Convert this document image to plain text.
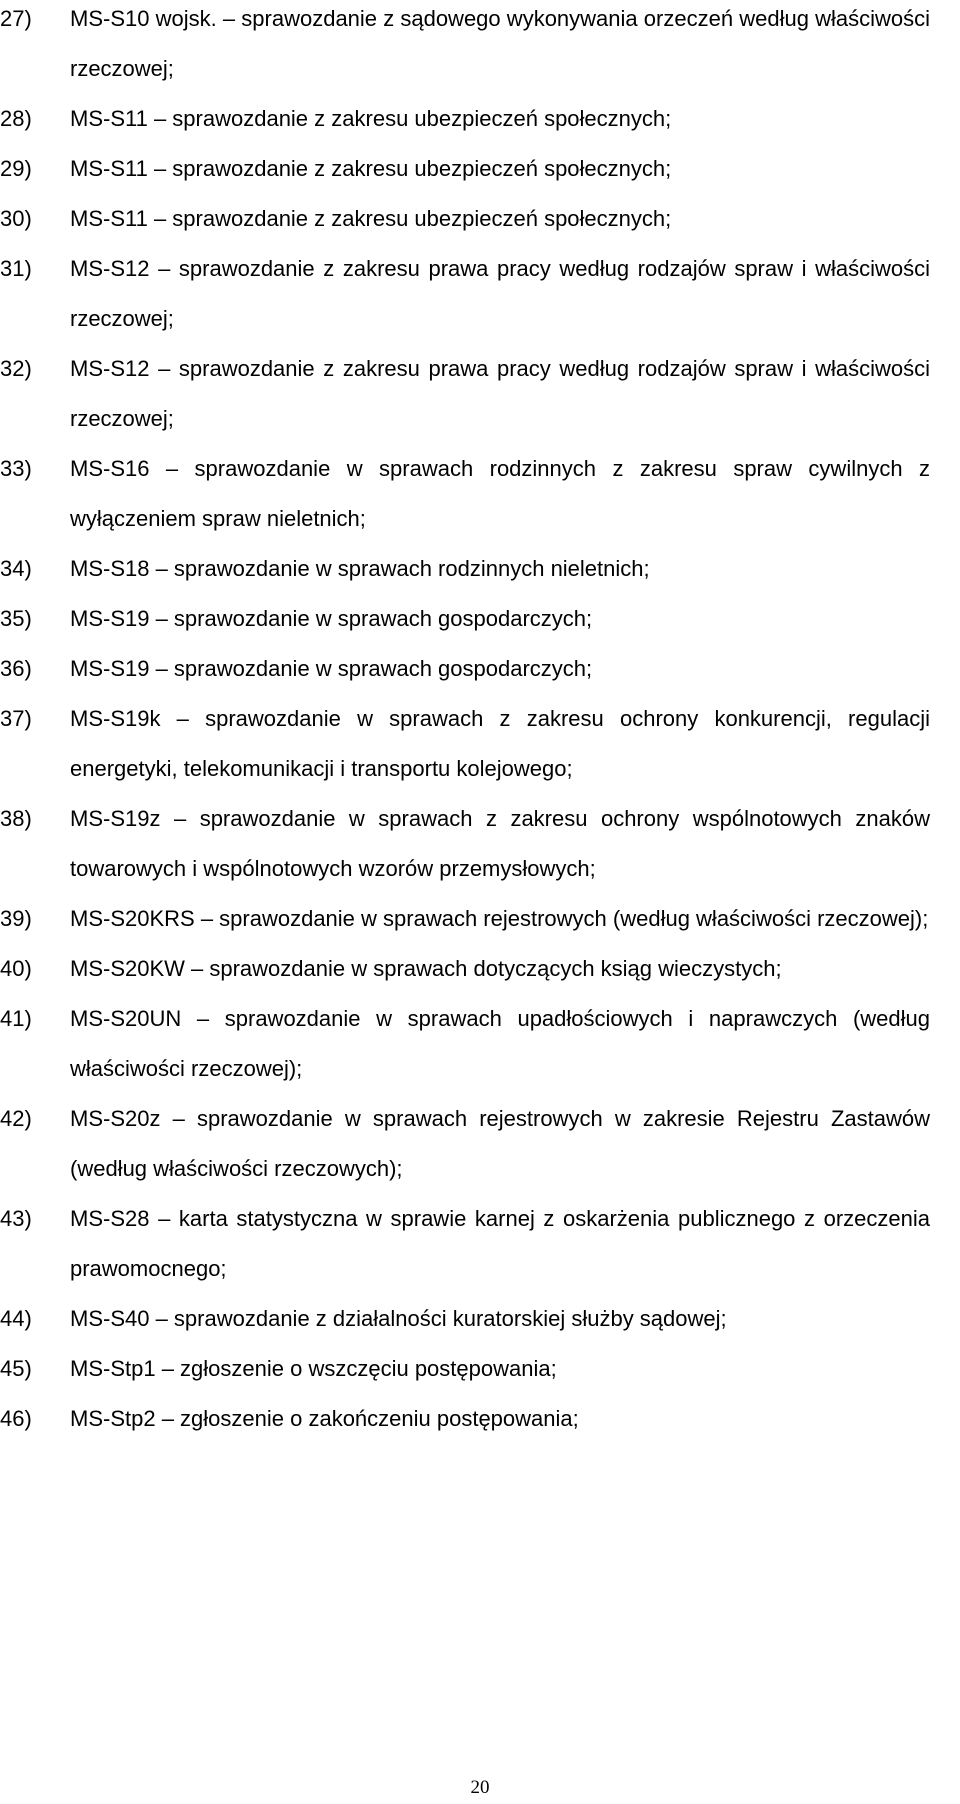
27)	MS-S10 wojsk. – sprawozdanie z sądowego wykonywania orzeczeń według właściwości rzeczowej;
28)	MS-S11 – sprawozdanie z zakresu ubezpieczeń społecznych;
29)	MS-S11 – sprawozdanie z zakresu ubezpieczeń społecznych;
30)	MS-S11 – sprawozdanie z zakresu ubezpieczeń społecznych;
31)	MS-S12 – sprawozdanie z zakresu prawa pracy według rodzajów spraw i właściwości rzeczowej;
32)	MS-S12 – sprawozdanie z zakresu prawa pracy według rodzajów spraw i właściwości rzeczowej;
33)	MS-S16 – sprawozdanie w sprawach rodzinnych z zakresu spraw cywilnych z wyłączeniem spraw nieletnich;
34)	MS-S18 – sprawozdanie w sprawach rodzinnych nieletnich;
35)	MS-S19 – sprawozdanie w sprawach gospodarczych;
36)	MS-S19 – sprawozdanie w sprawach gospodarczych;
37)	MS-S19k – sprawozdanie w sprawach z zakresu ochrony konkurencji, regulacji energetyki, telekomunikacji i transportu kolejowego;
38)	MS-S19z – sprawozdanie w sprawach z zakresu ochrony wspólnotowych znaków towarowych i wspólnotowych wzorów przemysłowych;
39)	MS-S20KRS – sprawozdanie w sprawach rejestrowych (według właściwości rzeczowej);
40)	MS-S20KW – sprawozdanie w sprawach dotyczących ksiąg wieczystych;
41)	MS-S20UN – sprawozdanie w sprawach upadłościowych i naprawczych (według właściwości rzeczowej);
42)	MS-S20z – sprawozdanie w sprawach rejestrowych w zakresie Rejestru Zastawów (według właściwości rzeczowych);
43)	MS-S28 – karta statystyczna w sprawie karnej z oskarżenia publicznego z orzeczenia prawomocnego;
44)	MS-S40 – sprawozdanie z działalności kuratorskiej służby sądowej;
45)	MS-Stp1 – zgłoszenie o wszczęciu postępowania;
46)	MS-Stp2 – zgłoszenie o zakończeniu postępowania;
20
